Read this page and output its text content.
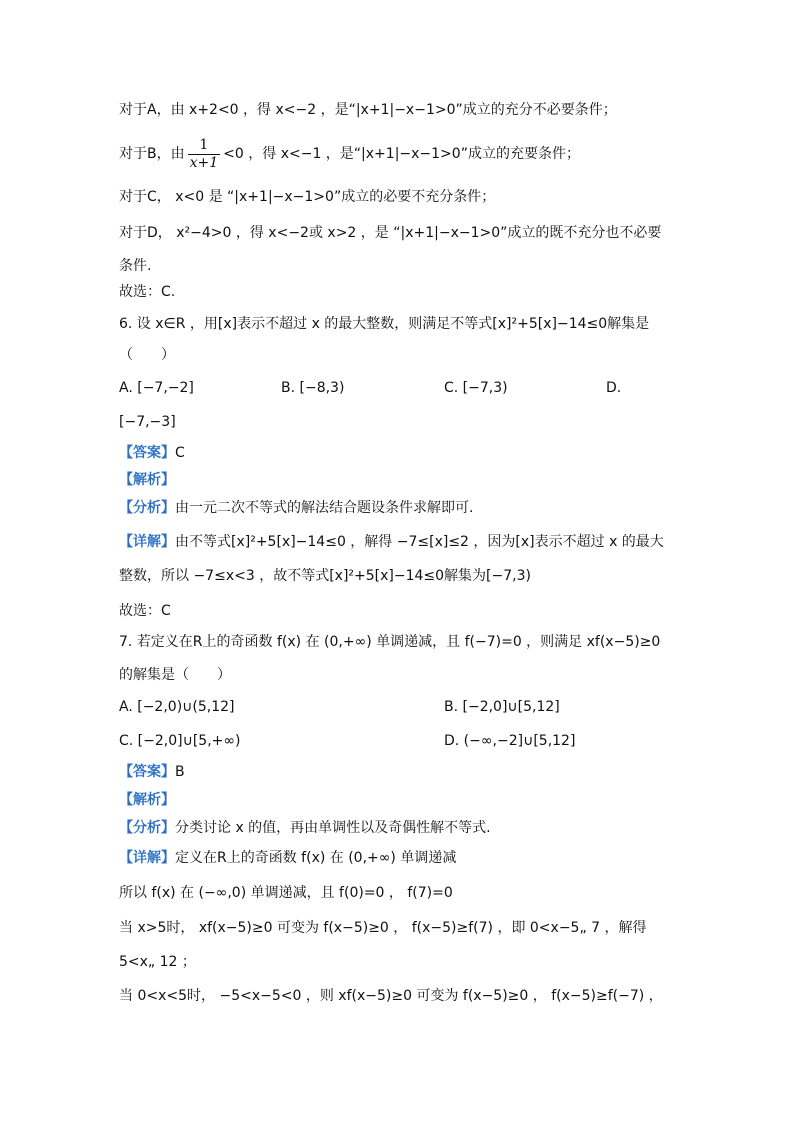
对于A，由 x+2<0 ，得 x<−2 ，是“|x+1|−x−1>0”成立的充分不必要条件；
对于B，由 $\frac{1}{x+1} <0$ ，得 x<−1 ，是“|x+1|−x−1>0”成立的充要条件；
对于C， x<0 是 “|x+1|−x−1>0”成立的必要不充分条件；
对于D， x²−4>0 ，得 x<−2或 x>2 ，是 “|x+1|−x−1>0”成立的既不充分也不必要
条件.
故选：C.
6. 设 x∈R ，用[x]表示不超过 x 的最大整数，则满足不等式[x]²+5[x]−14≤0解集是
（　　）
A. [−7,−2]	B. [−8,3)	C. [−7,3)	D.
[−7,−3]
【答案】C
【解析】
【分析】由一元二次不等式的解法结合题设条件求解即可.
【详解】由不等式[x]²+5[x]−14≤0 ，解得 −7≤[x]≤2 ，因为[x]表示不超过 x 的最大
整数，所以 −7≤x<3 ，故不等式[x]²+5[x]−14≤0解集为[−7,3)
故选：C
7. 若定义在R上的奇函数 f(x) 在 (0,+∞) 单调递减，且 f(−7)=0 ，则满足 xf(x−5)≥0
的解集是（　　）
A. [−2,0)∪(5,12]	B. [−2,0]∪[5,12]
C. [−2,0]∪[5,+∞)	D. (−∞,−2]∪[5,12]
【答案】B
【解析】
【分析】分类讨论 x 的值，再由单调性以及奇偶性解不等式.
【详解】定义在R上的奇函数 f(x) 在 (0,+∞) 单调递减
所以 f(x) 在 (−∞,0) 单调递减，且 f(0)=0 ， f(7)=0
当 x>5时， xf(x−5)≥0 可变为 f(x−5)≥0 ， f(x−5)≥f(7) ，即 0<x−5„ 7 ，解得
5<x„ 12 ；
当 0<x<5时， −5<x−5<0 ，则 xf(x−5)≥0 可变为 f(x−5)≥0 ， f(x−5)≥f(−7) ，
